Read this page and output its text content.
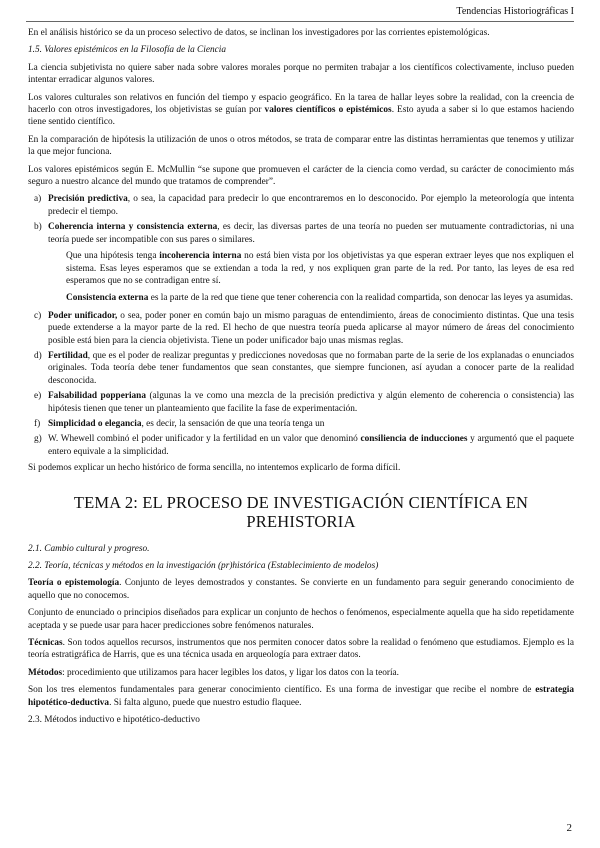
Tendencias Historiográficas I

En el análisis histórico se da un proceso selectivo de datos, se inclinan los investigadores por las corrientes epistemológicas.

1.5. Valores epistémicos en la Filosofía de la Ciencia

La ciencia subjetivista no quiere saber nada sobre valores morales porque no permiten trabajar a los científicos colectivamente, incluso pueden intentar erradicar algunos valores.

Los valores culturales son relativos en función del tiempo y espacio geográfico. En la tarea de hallar leyes sobre la realidad, con la creencia de hacerlo con otros investigadores, los objetivistas se guían por valores científicos o epistémicos. Esto ayuda a saber si lo que estamos haciendo tiene sentido científico.

En la comparación de hipótesis la utilización de unos o otros métodos, se trata de comparar entre las distintas herramientas que tenemos y utilizar la que mejor funciona.

Los valores epistémicos según E. McMullin “se supone que promueven el carácter de la ciencia como verdad, su carácter de conocimiento más seguro a nuestro alcance del mundo que tratamos de comprender”.

a) Precisión predictiva, o sea, la capacidad para predecir lo que encontraremos en lo desconocido. Por ejemplo la meteorología que intenta predecir el tiempo.
b) Coherencia interna y consistencia externa, es decir, las diversas partes de una teoría no pueden ser mutuamente contradictorias, ni una teoría puede ser incompatible con sus pares o similares.

Que una hipótesis tenga incoherencia interna no está bien vista por los objetivistas ya que esperan extraer leyes que nos expliquen el sistema. Esas leyes esperamos que se extiendan a toda la red, y nos expliquen gran parte de la red. Por tanto, las leyes de esa red esperamos que no se contradigan entre sí.

Consistencia externa es la parte de la red que tiene que tener coherencia con la realidad compartida, son denocar las leyes ya asumidas.

c) Poder unificador, o sea, poder poner en común bajo un mismo paraguas de entendimiento, áreas de conocimiento distintas. Que una tesis puede extenderse a la mayor parte de la red. El hecho de que nuestra teoría pueda aplicarse al mayor número de áreas del conocimiento posible está bien para la ciencia objetivista. Tiene un poder unificador bajo unas mismas reglas.
d) Fertilidad, que es el poder de realizar preguntas y predicciones novedosas que no formaban parte de la serie de los explanadas o enunciados originales. Toda teoría debe tener fundamentos que sean constantes, que siempre funcionen, así ayudan a conocer parte de la realidad desconocida.
e) Falsabilidad popperiana (algunas la ve como una mezcla de la precisión predictiva y algún elemento de coherencia o consistencia) las hipótesis tienen que tener un planteamiento que facilite la fase de experimentación.
f) Simplicidad o elegancia, es decir, la sensación de que una teoría tenga un
g) W. Whewell combinó el poder unificador y la fertilidad en un valor que denominó consiliencia de inducciones y argumentó que el paquete entero equivale a la simplicidad.

Si podemos explicar un hecho histórico de forma sencilla, no intentemos explicarlo de forma difícil.

TEMA 2: EL PROCESO DE INVESTIGACIÓN CIENTÍFICA EN PREHISTORIA
2.1. Cambio cultural y progreso.
2.2. Teoría, técnicas y métodos en la investigación (pr)histórica (Establecimiento de modelos)

Teoría o epistemología. Conjunto de leyes demostrados y constantes. Se convierte en un fundamento para seguir generando conocimiento de aquello que no conocemos.

Conjunto de enunciado o principios diseñados para explicar un conjunto de hechos o fenómenos, especialmente aquella que ha sido repetidamente aceptada y se puede usar para hacer predicciones sobre fenómenos naturales.

Técnicas. Son todos aquellos recursos, instrumentos que nos permiten conocer datos sobre la realidad o fenómeno que estudiamos. Ejemplo es la teoría estratigráfica de Harris, que es una técnica usada en arqueología para extraer datos.

Métodos: procedimiento que utilizamos para hacer legibles los datos, y ligar los datos con la teoría.

Son los tres elementos fundamentales para generar conocimiento científico. Es una forma de investigar que recibe el nombre de estrategia hipotético-deductiva. Si falta alguno, puede que nuestro estudio flaquee.

2.3. Métodos inductivo e hipotético-deductivo

2
